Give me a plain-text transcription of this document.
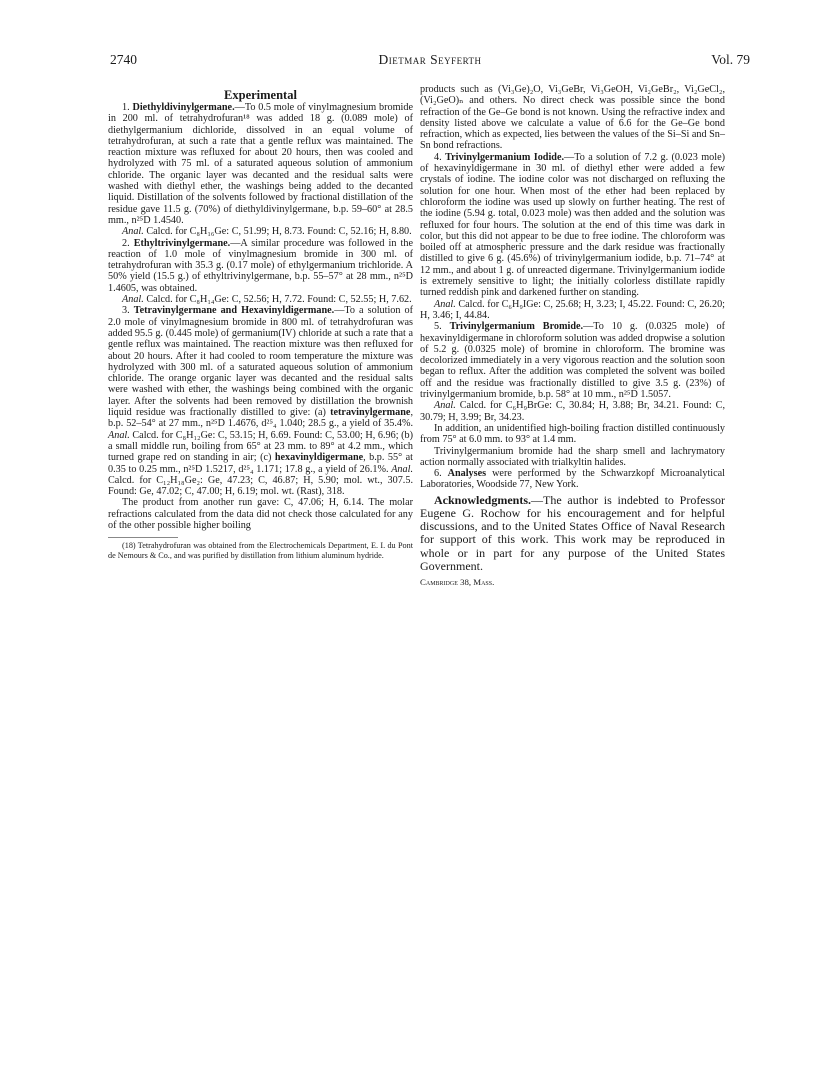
2740	Dietmar Seyferth	Vol. 79

Experimental

1. Diethyldivinylgermane.—To 0.5 mole of vinylmagnesium bromide in 200 ml. of tetrahydrofuran¹⁸ was added 18 g. (0.089 mole) of diethylgermanium dichloride, dissolved in an equal volume of tetrahydrofuran, at such a rate that a gentle reflux was maintained. The reaction mixture was refluxed for about 20 hours, then was cooled and hydrolyzed with 75 ml. of a saturated aqueous solution of ammonium chloride. The organic layer was decanted and the residual salts were washed with diethyl ether, the washings being added to the decanted liquid. Distillation of the solvents followed by fractional distillation of the residue gave 11.5 g. (70%) of diethyldivinylgermane, b.p. 59–60° at 28.5 mm., n²⁵D 1.4540.

Anal. Calcd. for C₈H₁₆Ge: C, 51.99; H, 8.73. Found: C, 52.16; H, 8.80.

2. Ethyltrivinylgermane.—A similar procedure was followed in the reaction of 1.0 mole of vinylmagnesium bromide in 300 ml. of tetrahydrofuran with 35.3 g. (0.17 mole) of ethylgermanium trichloride. A 50% yield (15.5 g.) of ethyltrivinylgermane, b.p. 55–57° at 28 mm., n²⁵D 1.4605, was obtained.

Anal. Calcd. for C₈H₁₄Ge: C, 52.56; H, 7.72. Found: C, 52.55; H, 7.62.

3. Tetravinylgermane and Hexavinyldigermane.—To a solution of 2.0 mole of vinylmagnesium bromide in 800 ml. of tetrahydrofuran was added 95.5 g. (0.445 mole) of germanium(IV) chloride at such a rate that a gentle reflux was maintained. The reaction mixture was then refluxed for about 20 hours. After it had cooled to room temperature the mixture was hydrolyzed with 300 ml. of a saturated aqueous solution of ammonium chloride. The orange organic layer was decanted and the residual salts were washed with ether, the washings being combined with the organic layer. After the solvents had been removed by distillation the brownish liquid residue was fractionally distilled to give: (a) tetravinylgermane, b.p. 52–54° at 27 mm., n²⁵D 1.4676, d²⁵₄ 1.040; 28.5 g., a yield of 35.4%. Anal. Calcd. for C₈H₁₂Ge: C, 53.15; H, 6.69. Found: C, 53.00; H, 6.96; (b) a small middle run, boiling from 65° at 23 mm. to 89° at 4.2 mm., which turned grape red on standing in air; (c) hexavinyldigermane, b.p. 55° at 0.35 to 0.25 mm., n²⁵D 1.5217, d²⁵₄ 1.171; 17.8 g., a yield of 26.1%. Anal. Calcd. for C₁₂H₁₈Ge₂: Ge, 47.23; C, 46.87; H, 5.90; mol. wt., 307.5. Found: Ge, 47.02; C, 47.00; H, 6.19; mol. wt. (Rast), 318.

The product from another run gave: C, 47.06; H, 6.14. The molar refractions calculated from the data did not check those calculated for any of the other possible higher boiling

(18) Tetrahydrofuran was obtained from the Electrochemicals Department, E. I. du Pont de Nemours & Co., and was purified by distillation from lithium aluminum hydride.

products such as (Vi₃Ge)₂O, Vi₃GeBr, Vi₃GeOH, Vi₂GeBr₂, Vi₂GeCl₂, (Vi₂GeO)ₙ and others. No direct check was possible since the bond refraction of the Ge–Ge bond is not known. Using the refractive index and density listed above we calculate a value of 6.6 for the Ge–Ge bond refraction, which as expected, lies between the values of the Si–Si and Sn–Sn bond refractions.

4. Trivinylgermanium Iodide.—To a solution of 7.2 g. (0.023 mole) of hexavinyldigermane in 30 ml. of diethyl ether were added a few crystals of iodine. The iodine color was not discharged on refluxing the solution for one hour. When most of the ether had been replaced by chloroform the iodine was used up slowly on further heating. The rest of the iodine (5.94 g. total, 0.023 mole) was then added and the solution was refluxed for four hours. The solution at the end of this time was dark in color, but this did not appear to be due to free iodine. The chloroform was boiled off at atmospheric pressure and the dark residue was fractionally distilled to give 6 g. (45.6%) of trivinylgermanium iodide, b.p. 71–74° at 12 mm., and about 1 g. of unreacted digermane. Trivinylgermanium iodide is extremely sensitive to light; the initially colorless distillate rapidly turned reddish pink and darkened further on standing.

Anal. Calcd. for C₆H₉IGe: C, 25.68; H, 3.23; I, 45.22. Found: C, 26.20; H, 3.46; I, 44.84.

5. Trivinylgermanium Bromide.—To 10 g. (0.0325 mole) of hexavinyldigermane in chloroform solution was added dropwise a solution of 5.2 g. (0.0325 mole) of bromine in chloroform. The bromine was decolorized immediately in a very vigorous reaction and the solution soon began to reflux. After the addition was completed the solvent was boiled off and the residue was fractionally distilled to give 3.5 g. (23%) of trivinylgermanium bromide, b.p. 58° at 10 mm., n²⁵D 1.5057.

Anal. Calcd. for C₆H₉BrGe: C, 30.84; H, 3.88; Br, 34.21. Found: C, 30.79; H, 3.99; Br, 34.23.

In addition, an unidentified high-boiling fraction distilled continuously from 75° at 6.0 mm. to 93° at 1.4 mm.

Trivinylgermanium bromide had the sharp smell and lachrymatory action normally associated with trialkyltin halides.

6. Analyses were performed by the Schwarzkopf Microanalytical Laboratories, Woodside 77, New York.

Acknowledgments.—The author is indebted to Professor Eugene G. Rochow for his encouragement and for helpful discussions, and to the United States Office of Naval Research for support of this work. This work may be reproduced in whole or in part for any purpose of the United States Government.

Cambridge 38, Mass.
